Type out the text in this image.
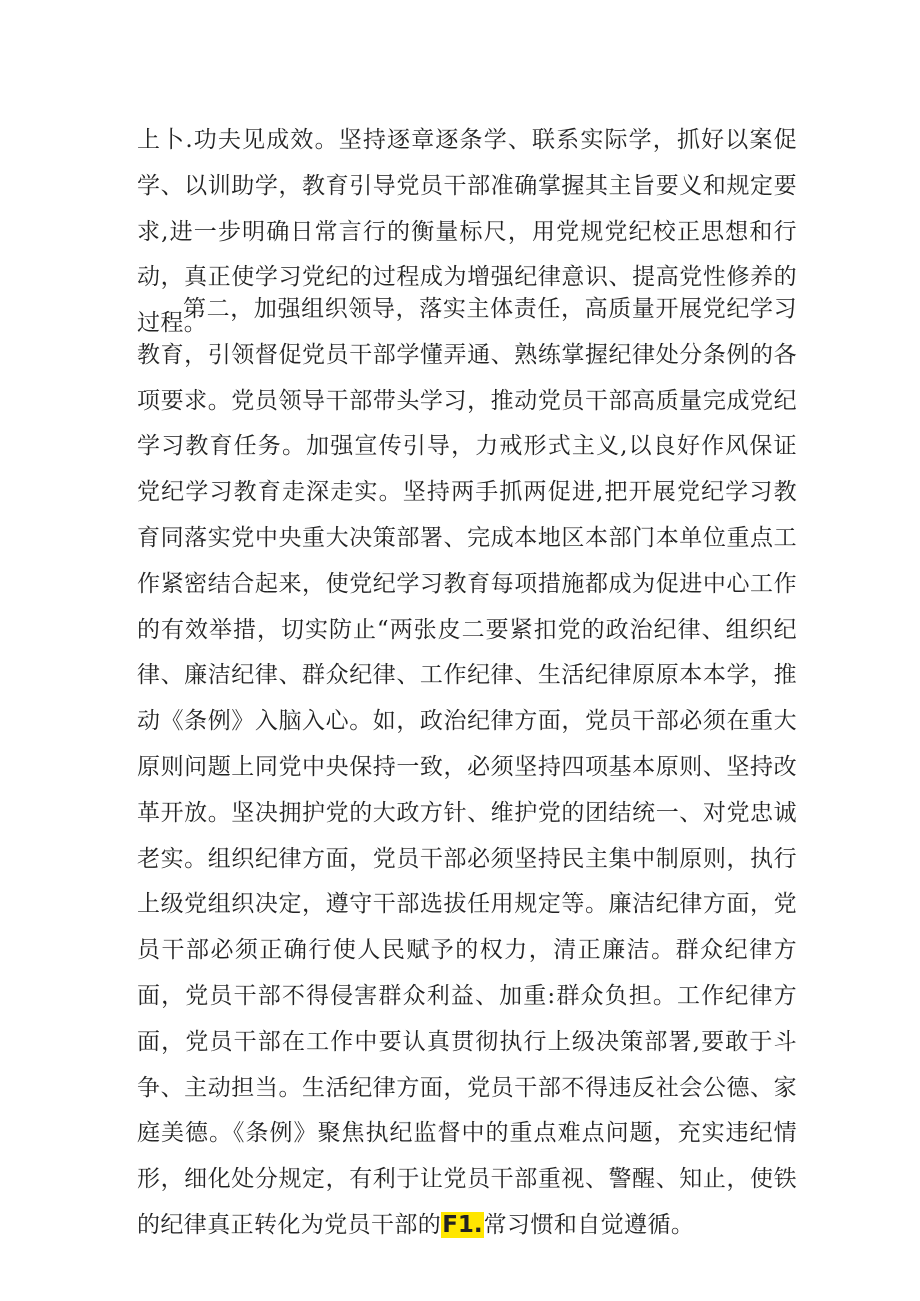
上卜.功夫见成效。坚持逐章逐条学、联系实际学，抓好以案促学、以训助学，教育引导党员干部准确掌握其主旨要义和规定要求,进一步明确日常言行的衡量标尺，用党规党纪校正思想和行动，真正使学习党纪的过程成为增强纪律意识、提高党性修养的过程。

第二，加强组织领导，落实主体责任，高质量开展党纪学习教育，引领督促党员干部学懂弄通、熟练掌握纪律处分条例的各项要求。党员领导干部带头学习，推动党员干部高质量完成党纪学习教育任务。加强宣传引导，力戒形式主义,以良好作风保证党纪学习教育走深走实。坚持两手抓两促进,把开展党纪学习教育同落实党中央重大决策部署、完成本地区本部门本单位重点工作紧密结合起来，使党纪学习教育每项措施都成为促进中心工作的有效举措，切实防止“两张皮二要紧扣党的政治纪律、组织纪律、廉洁纪律、群众纪律、工作纪律、生活纪律原原本本学，推动《条例》入脑入心。如，政治纪律方面，党员干部必须在重大原则问题上同党中央保持一致，必须坚持四项基本原则、坚持改革开放。坚决拥护党的大政方针、维护党的团结统一、对党忠诚老实。组织纪律方面，党员干部必须坚持民主集中制原则，执行上级党组织决定，遵守干部选拔任用规定等。廉洁纪律方面，党员干部必须正确行使人民赋予的权力，清正廉洁。群众纪律方面，党员干部不得侵害群众利益、加重:群众负担。工作纪律方面，党员干部在工作中要认真贯彻执行上级决策部署,要敢于斗争、主动担当。生活纪律方面，党员干部不得违反社会公德、家庭美德。《条例》聚焦执纪监督中的重点难点问题，充实违纪情形，细化处分规定，有利于让党员干部重视、警醒、知止，使铁的纪律真正转化为党员干部的F1.常习惯和自觉遵循。
